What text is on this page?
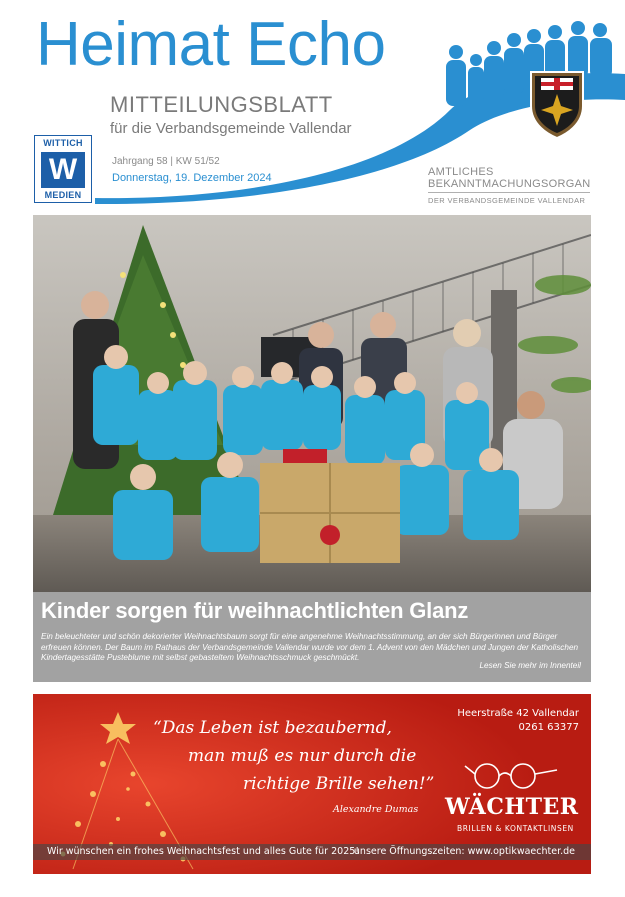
Heimat Echo
MITTEILUNGSBLATT
für die Verbandsgemeinde Vallendar
WITTICH
W
MEDIEN
Jahrgang 58 | KW 51/52
Donnerstag, 19. Dezember 2024	AMTLICHES
BEKANNTMACHUNGSORGAN
DER VERBANDSGEMEINDE VALLENDAR
Kinder sorgen für weihnachtlichten Glanz
Ein beleuchteter und schön dekorierter Weihnachtsbaum sorgt für eine angenehme Weihnachtsstimmung, an der sich Bürgerinnen und Bürger erfreuen können. Der Baum im Rathaus der Verbandsgemeinde Vallendar wurde vor dem 1. Advent von den Mädchen und Jungen der Katholischen Kindertagesstätte Pusteblume mit selbst gebasteltem Weihnachtsschmuck geschmückt.
Lesen Sie mehr im Innenteil
“Das Leben ist bezaubernd,
man muß es nur durch die
richtige Brille sehen!”
Alexandre Dumas
Heerstraße 42 Vallendar
0261 63377
WÄCHTER
BRILLEN & KONTAKTLINSEN
Wir wünschen ein frohes Weihnachtsfest und alles Gute für 2025!
unsere Öffnungszeiten: www.optikwaechter.de
